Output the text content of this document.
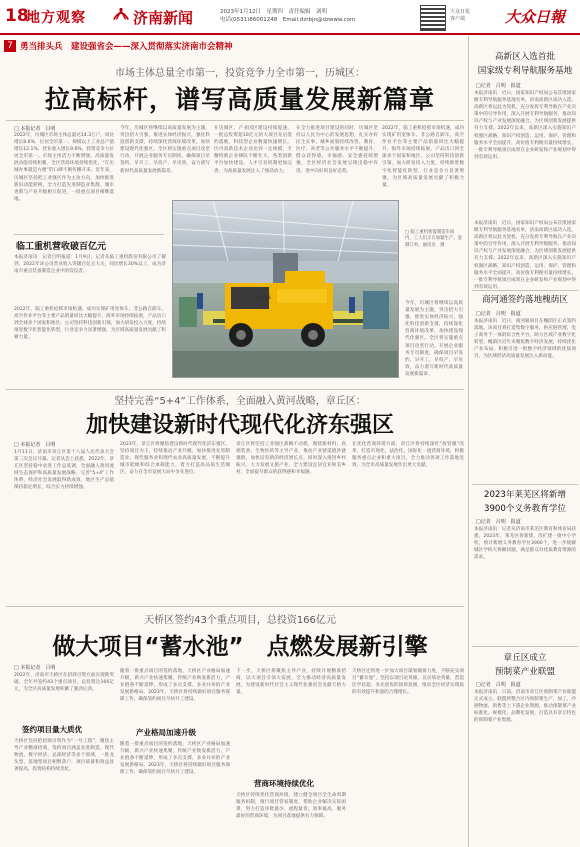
18
地方观察	济南新闻	2023年1月12日　星期四　责任编辑　刘明
电话(0531)86001248　Email:dzrbjn@dzwww.com
大众日报
客户端	大众日報
7 勇当排头兵　建设强省会——深入贯彻落实济南市会精神
市场主体总量全市第一，投资竞争力全市第一，历城区：
拉高标杆，谱写高质量发展新篇章
□ 本报记者　吕明
2022年，历城区市场主体总量达14.3万户，同比增长8.6%，位居全市第一，规模以上工业总产值增长12.1%，营业收入增长9.6%，投资竞争力位居全市第一。市场主体活力不断增强，高质量发展动能持续积蓄，全区营商环境持续优化，“在历城办事就是方便”的口碑不断传播开来。近年来，历城区坚持把工业强区作为主攻方向，加快推进新旧动能转换，全力打造先进制造业集群，城市更新与产业升级相互促进，一批重点项目相继落地。
今年，历城区将继续以高质量发展为主题，突出招大引强，推进实体经济振兴，强化科技创新支撑，持续深化营商环境改革，加快建设现代化强区。全区将实施重点项目攻坚行动，开展企业服务专员制度，确保项目早签约、早开工、早投产、早见效，奋力谱写新时代高质量发展新篇章。
在历城区，产业园区建设持续提速，一批总投资超10亿元的大项目先后签约落地，科技型企业数量快速增长。区内高新技术企业达到一定规模，专精特新企业梯队不断壮大，各类创新平台加快建设，人才引育机制更加完善，为高质量发展注入了强劲动力。
在全力推进项目建设的同时，历城区坚持以人民为中心的发展思想，扎实办好民生实事，城乡面貌持续改善，教育、医疗、养老等公共服务水平不断提升，群众获得感、幸福感、安全感持续增强，全区经济社会发展呈现出稳中有进、进中向好的良好态势。
2022年，临工重机抢抓市场机遇，成功实现矿用宽体车、非公路自卸车、高空作业平台等主要产品销量同比大幅提升，海外市场持续拓展，产品出口到全球多个国家和地区。公司坚持科技创新引领，加大研发投入力度，持续推进数字化智能化转型，行业竞争力显著增强，为区域高质量发展贡献了积极力量。
临工重机营收破百亿元
本报济南讯　记者吕明报道：1月9日，记者从临工重机股份有限公司了解到，2022年该公司营业收入突破百亿元大关，同比增长30%以上，成为济南市重点装备制造企业中的佼佼者。
2022年，临工重机抢抓市场机遇，成功实现矿用宽体车、非公路自卸车、高空作业平台等主要产品销量同比大幅提升，海外市场持续拓展，产品出口到全球多个国家和地区。公司坚持科技创新引领，加大研发投入力度，持续推进数字化智能化转型，行业竞争力显著增强，为区域高质量发展贡献了积极力量。
LGMG
□ 临工重机智能制造车间内，工人们正在加紧生产，赶制订单。通讯员　摄
今年，历城区将继续以高质量发展为主题，突出招大引强，推进实体经济振兴，强化科技创新支撑，持续深化营商环境改革，加快建设现代化强区。全区将实施重点项目攻坚行动，开展企业服务专员制度，确保项目早签约、早开工、早投产、早见效，奋力谱写新时代高质量发展新篇章。
坚持完善“5+4”工作体系，全面融入黄河战略，章丘区：
加快建设新时代现代化济东强区
□ 本报记者　吕明
1月11日，济南市章丘区第十八届人民代表大会第三次会议开幕。记者从会上获悉，2022年，章丘区坚持稳中求进工作总基调，全面融入黄河流域生态保护和高质量发展战略，完善“5+4”工作体系，经济社会发展取得新成效，地区生产总值保持稳定增长，综合实力持续增强。
2023年，章丘区将聚焦建设新时代现代化济东强区，坚持项目为王，持续推动产业升级，加快推进先进制造业、现代服务业和现代农业高质量发展，不断提升城市能级和综合承载能力，着力打造高品质生活城区，奋力在全市发展大局中争先进位。
章丘区将坚持工业强区战略不动摇，围绕新材料、高端装备、生物医药等主导产业，推动产业链延链补链强链，加快培育新的经济增长点。同时深入推进乡村振兴，大力发展文旅产业，全力建设宜居宜业和美乡村，全面提升群众的获得感和幸福感。
在优化营商环境方面，章丘区将持续深化“放管服”改革，打造市场化、法治化、国际化一流营商环境，积极服务重点企业和重大项目，全力推动各项工作落地见效，为全市高质量发展作出更大贡献。
天桥区签约43个重点项目，总投资166亿元
做大项目“蓄水池”　点燃发展新引擎
□ 本报记者　吕明
2022年，济南市天桥区在招商引资方面实现新突破，全年共签约43个重点项目，总投资达166亿元，为全区高质量发展积蓄了强劲后劲。
签约项目量大质优
天桥区坚持把招商引资作为“一号工程”，聚焦主导产业精准招商，签约项目涵盖先进制造、现代物流、数字经济、总部经济等多个领域，一批龙头型、基地型项目相继落户，项目质量和效益显著提高，投资结构持续优化。
随着一批重点项目的签约落地，天桥区产业格局加速升级，新兴产业快速集聚，传统产业焕发新活力，产业链条不断延伸，形成了多点支撑、多业并举的产业发展新格局。2023年，天桥区将持续做好项目服务保障工作，确保签约项目尽快开工建设。
产业格局加速升级
随着一批重点项目的签约落地，天桥区产业格局加速升级，新兴产业快速集聚，传统产业焕发新活力，产业链条不断延伸，形成了多点支撑、多业并举的产业发展新格局。2023年，天桥区将持续做好项目服务保障工作，确保签约项目尽快开工建设。
下一步，天桥区将聚焦主导产业，持续开展精准招商，以大项目引领大发展，全力推动经济高质量发展，为建设新时代社会主义现代化强省会贡献天桥力量。
营商环境持续优化
天桥区持续优化营商环境，建立健全项目全生命周期服务机制，推行项目管家制度，帮助企业解决实际困难，努力打造审批最少、流程最优、效率最高、服务最好的营商环境，为项目落地提供有力保障。
天桥区还将进一步加大项目谋划储备力度，不断充实项目“蓄水池”，坚持以项目论英雄，以实绩论英雄，营造比学赶超、争先创优的浓厚氛围，推动全区经济实现质的有效提升和量的合理增长。
高新区入选首批
国家级专利导航服务基地
□记者　吕明　报道
本报济南讯　近日，国家知识产权局公布首批国家级专利导航服务基地名单，济南高新区成功入选。高新区将以此为契机，充分发挥专利导航在产业决策中的引导作用，深入开展专利导航服务，推动知识产权与产业发展深度融合，为区域创新发展提供有力支撑。2022年以来，高新区深入实施知识产权强区战略，知识产权创造、运用、保护、管理和服务水平全面提升，高价值专利拥有量持续增长，一批专利导航项目成果在企业研发和产业规划中得到有效运用。
本报济南讯　近日，国家知识产权局公布首批国家级专利导航服务基地名单，济南高新区成功入选。高新区将以此为契机，充分发挥专利导航在产业决策中的引导作用，深入开展专利导航服务，推动知识产权与产业发展深度融合，为区域创新发展提供有力支撑。2022年以来，高新区深入实施知识产权强区战略，知识产权创造、运用、保护、管理和服务水平全面提升，高价值专利拥有量持续增长，一批专利导航项目成果在企业研发和产业规划中得到有效运用。
商河通签约落地槐荫区
□记者　吕明　报道
本报济南讯　近日，商河通项目在槐荫区正式签约落地。该项目将打造集数字服务、供应链管理、电子商务于一体的综合性平台，助力区域产业数字化转型。槐荫区近年来聚焦数字经济发展，持续优化产业布局，积极引进一批数字经济领域的优质项目，为区域经济高质量发展注入新动能。
2023年莱芜区将新增
3900个义务教育学位
□记者　吕明　报道
本报济南讯　记者从济南市莱芜区教育和体育局获悉，2023年，莱芜区将新建、改扩建一批中小学校，预计新增义务教育学位3900个，进一步缓解城区学校大班额问题，满足群众对优质教育资源的需求。
章丘区成立
预制菜产业联盟
□记者　吕明　报道
本报济南讯　日前，济南市章丘区预制菜产业联盟正式成立。联盟将整合区内预制菜生产、加工、冷链物流、销售等上下游企业资源，推动预制菜产业标准化、规模化、品牌化发展，打造具有章丘特色的预制菜产业集群。
